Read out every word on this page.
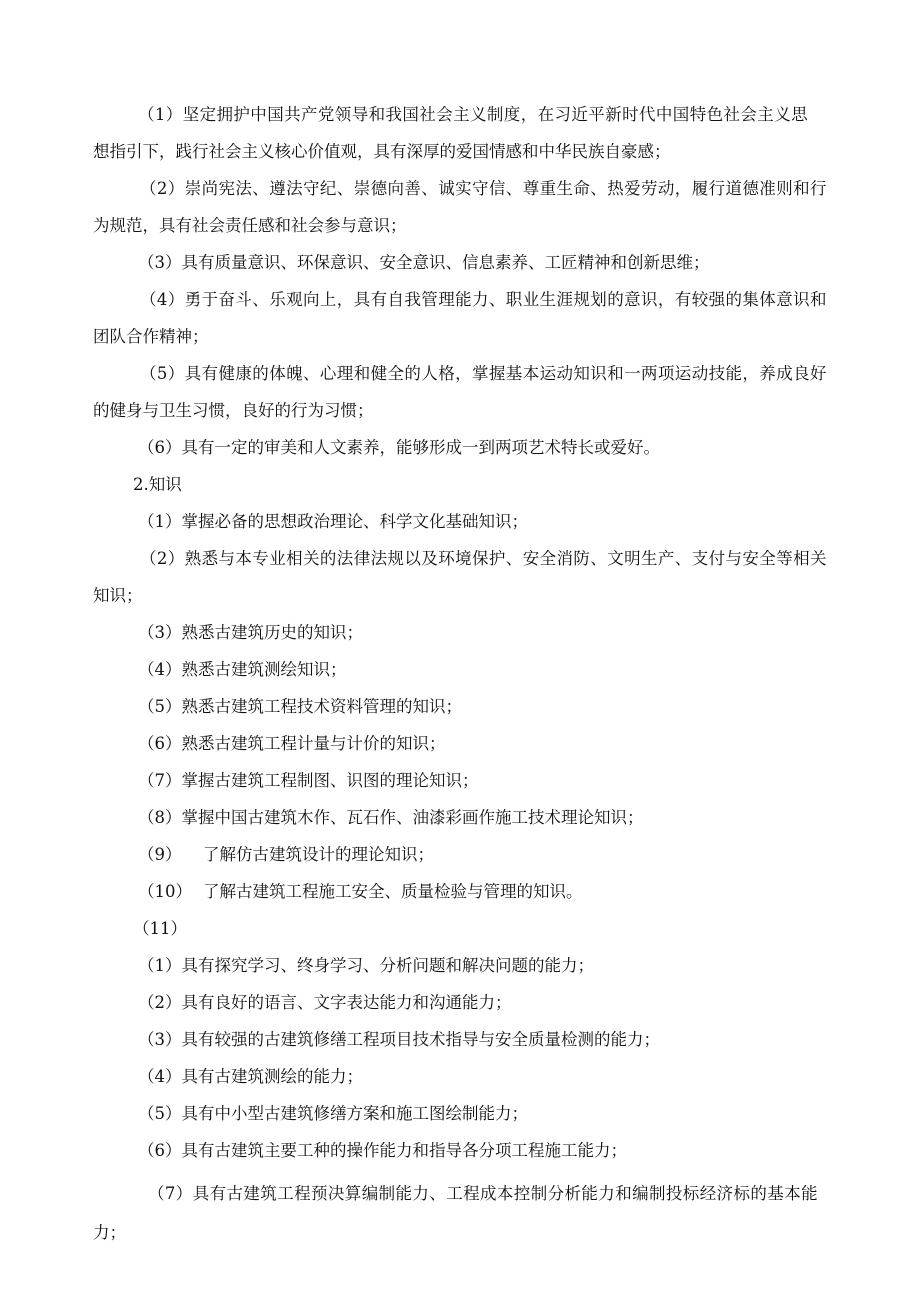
（1）坚定拥护中国共产党领导和我国社会主义制度，在习近平新时代中国特色社会主义思
想指引下，践行社会主义核心价值观，具有深厚的爱国情感和中华民族自豪感；
（2）崇尚宪法、遵法守纪、崇德向善、诚实守信、尊重生命、热爱劳动，履行道德准则和行
为规范，具有社会责任感和社会参与意识；
（3）具有质量意识、环保意识、安全意识、信息素养、工匠精神和创新思维；
（4）勇于奋斗、乐观向上，具有自我管理能力、职业生涯规划的意识，有较强的集体意识和
团队合作精神；
（5）具有健康的体魄、心理和健全的人格，掌握基本运动知识和一两项运动技能，养成良好
的健身与卫生习惯，良好的行为习惯；
（6）具有一定的审美和人文素养，能够形成一到两项艺术特长或爱好。
2.知识
（1）掌握必备的思想政治理论、科学文化基础知识；
（2）熟悉与本专业相关的法律法规以及环境保护、安全消防、文明生产、支付与安全等相关
知识；
（3）熟悉古建筑历史的知识；
（4）熟悉古建筑测绘知识；
（5）熟悉古建筑工程技术资料管理的知识；
（6）熟悉古建筑工程计量与计价的知识；
（7）掌握古建筑工程制图、识图的理论知识；
（8）掌握中国古建筑木作、瓦石作、油漆彩画作施工技术理论知识；
（9） 了解仿古建筑设计的理论知识；
（10） 了解古建筑工程施工安全、质量检验与管理的知识。
（11）
（1）具有探究学习、终身学习、分析问题和解决问题的能力；
（2）具有良好的语言、文字表达能力和沟通能力；
（3）具有较强的古建筑修缮工程项目技术指导与安全质量检测的能力；
（4）具有古建筑测绘的能力；
（5）具有中小型古建筑修缮方案和施工图绘制能力；
（6）具有古建筑主要工种的操作能力和指导各分项工程施工能力；
（7）具有古建筑工程预决算编制能力、工程成本控制分析能力和编制投标经济标的基本能
力；
